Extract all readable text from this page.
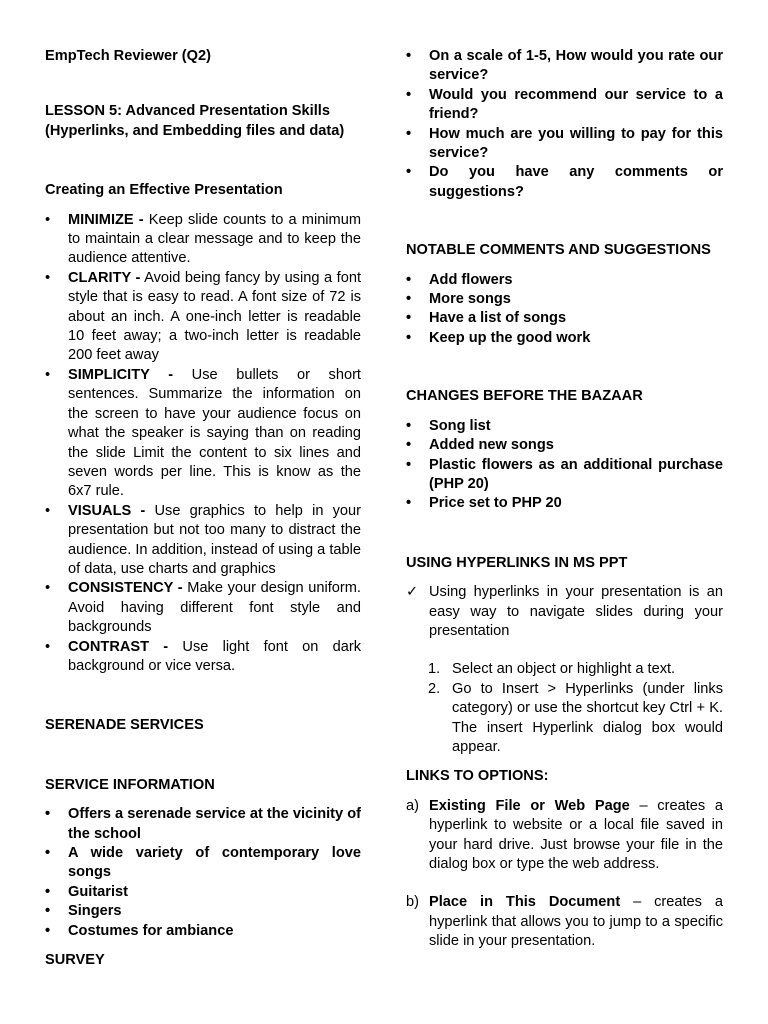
EmpTech Reviewer (Q2)

LESSON 5: Advanced Presentation Skills
(Hyperlinks, and Embedding files and data)

Creating an Effective Presentation

•	MINIMIZE - Keep slide counts to a minimum to maintain a clear message and to keep the audience attentive.
•	CLARITY - Avoid being fancy by using a font style that is easy to read. A font size of 72 is about an inch. A one-inch letter is readable 10 feet away; a two-inch letter is readable 200 feet away
•	SIMPLICITY - Use bullets or short sentences. Summarize the information on the screen to have your audience focus on what the speaker is saying than on reading the slide Limit the content to six lines and seven words per line. This is know as the 6x7 rule.
•	VISUALS - Use graphics to help in your presentation but not too many to distract the audience. In addition, instead of using a table of data, use charts and graphics
•	CONSISTENCY - Make your design uniform. Avoid having different font style and backgrounds
•	CONTRAST - Use light font on dark background or vice versa.

SERENADE SERVICES

SERVICE INFORMATION

•	Offers a serenade service at the vicinity of the school
•	A wide variety of contemporary love songs
•	Guitarist
•	Singers
•	Costumes for ambiance

SURVEY

•	On a scale of 1-5, How would you rate our service?
•	Would you recommend our service to a friend?
•	How much are you willing to pay for this service?
•	Do you have any comments or suggestions?

NOTABLE COMMENTS AND SUGGESTIONS

•	Add flowers
•	More songs
•	Have a list of songs
•	Keep up the good work

CHANGES BEFORE THE BAZAAR

•	Song list
•	Added new songs
•	Plastic flowers as an additional purchase (PHP 20)
•	Price set to PHP 20

USING HYPERLINKS IN MS PPT

✓ Using hyperlinks in your presentation is an easy way to navigate slides during your presentation
1. Select an object or highlight a text.
2. Go to Insert > Hyperlinks (under links category) or use the shortcut key Ctrl + K. The insert Hyperlink dialog box would appear.

LINKS TO OPTIONS:

a) Existing File or Web Page – creates a hyperlink to website or a local file saved in your hard drive. Just browse your file in the dialog box or type the web address.
b) Place in This Document – creates a hyperlink that allows you to jump to a specific slide in your presentation.
